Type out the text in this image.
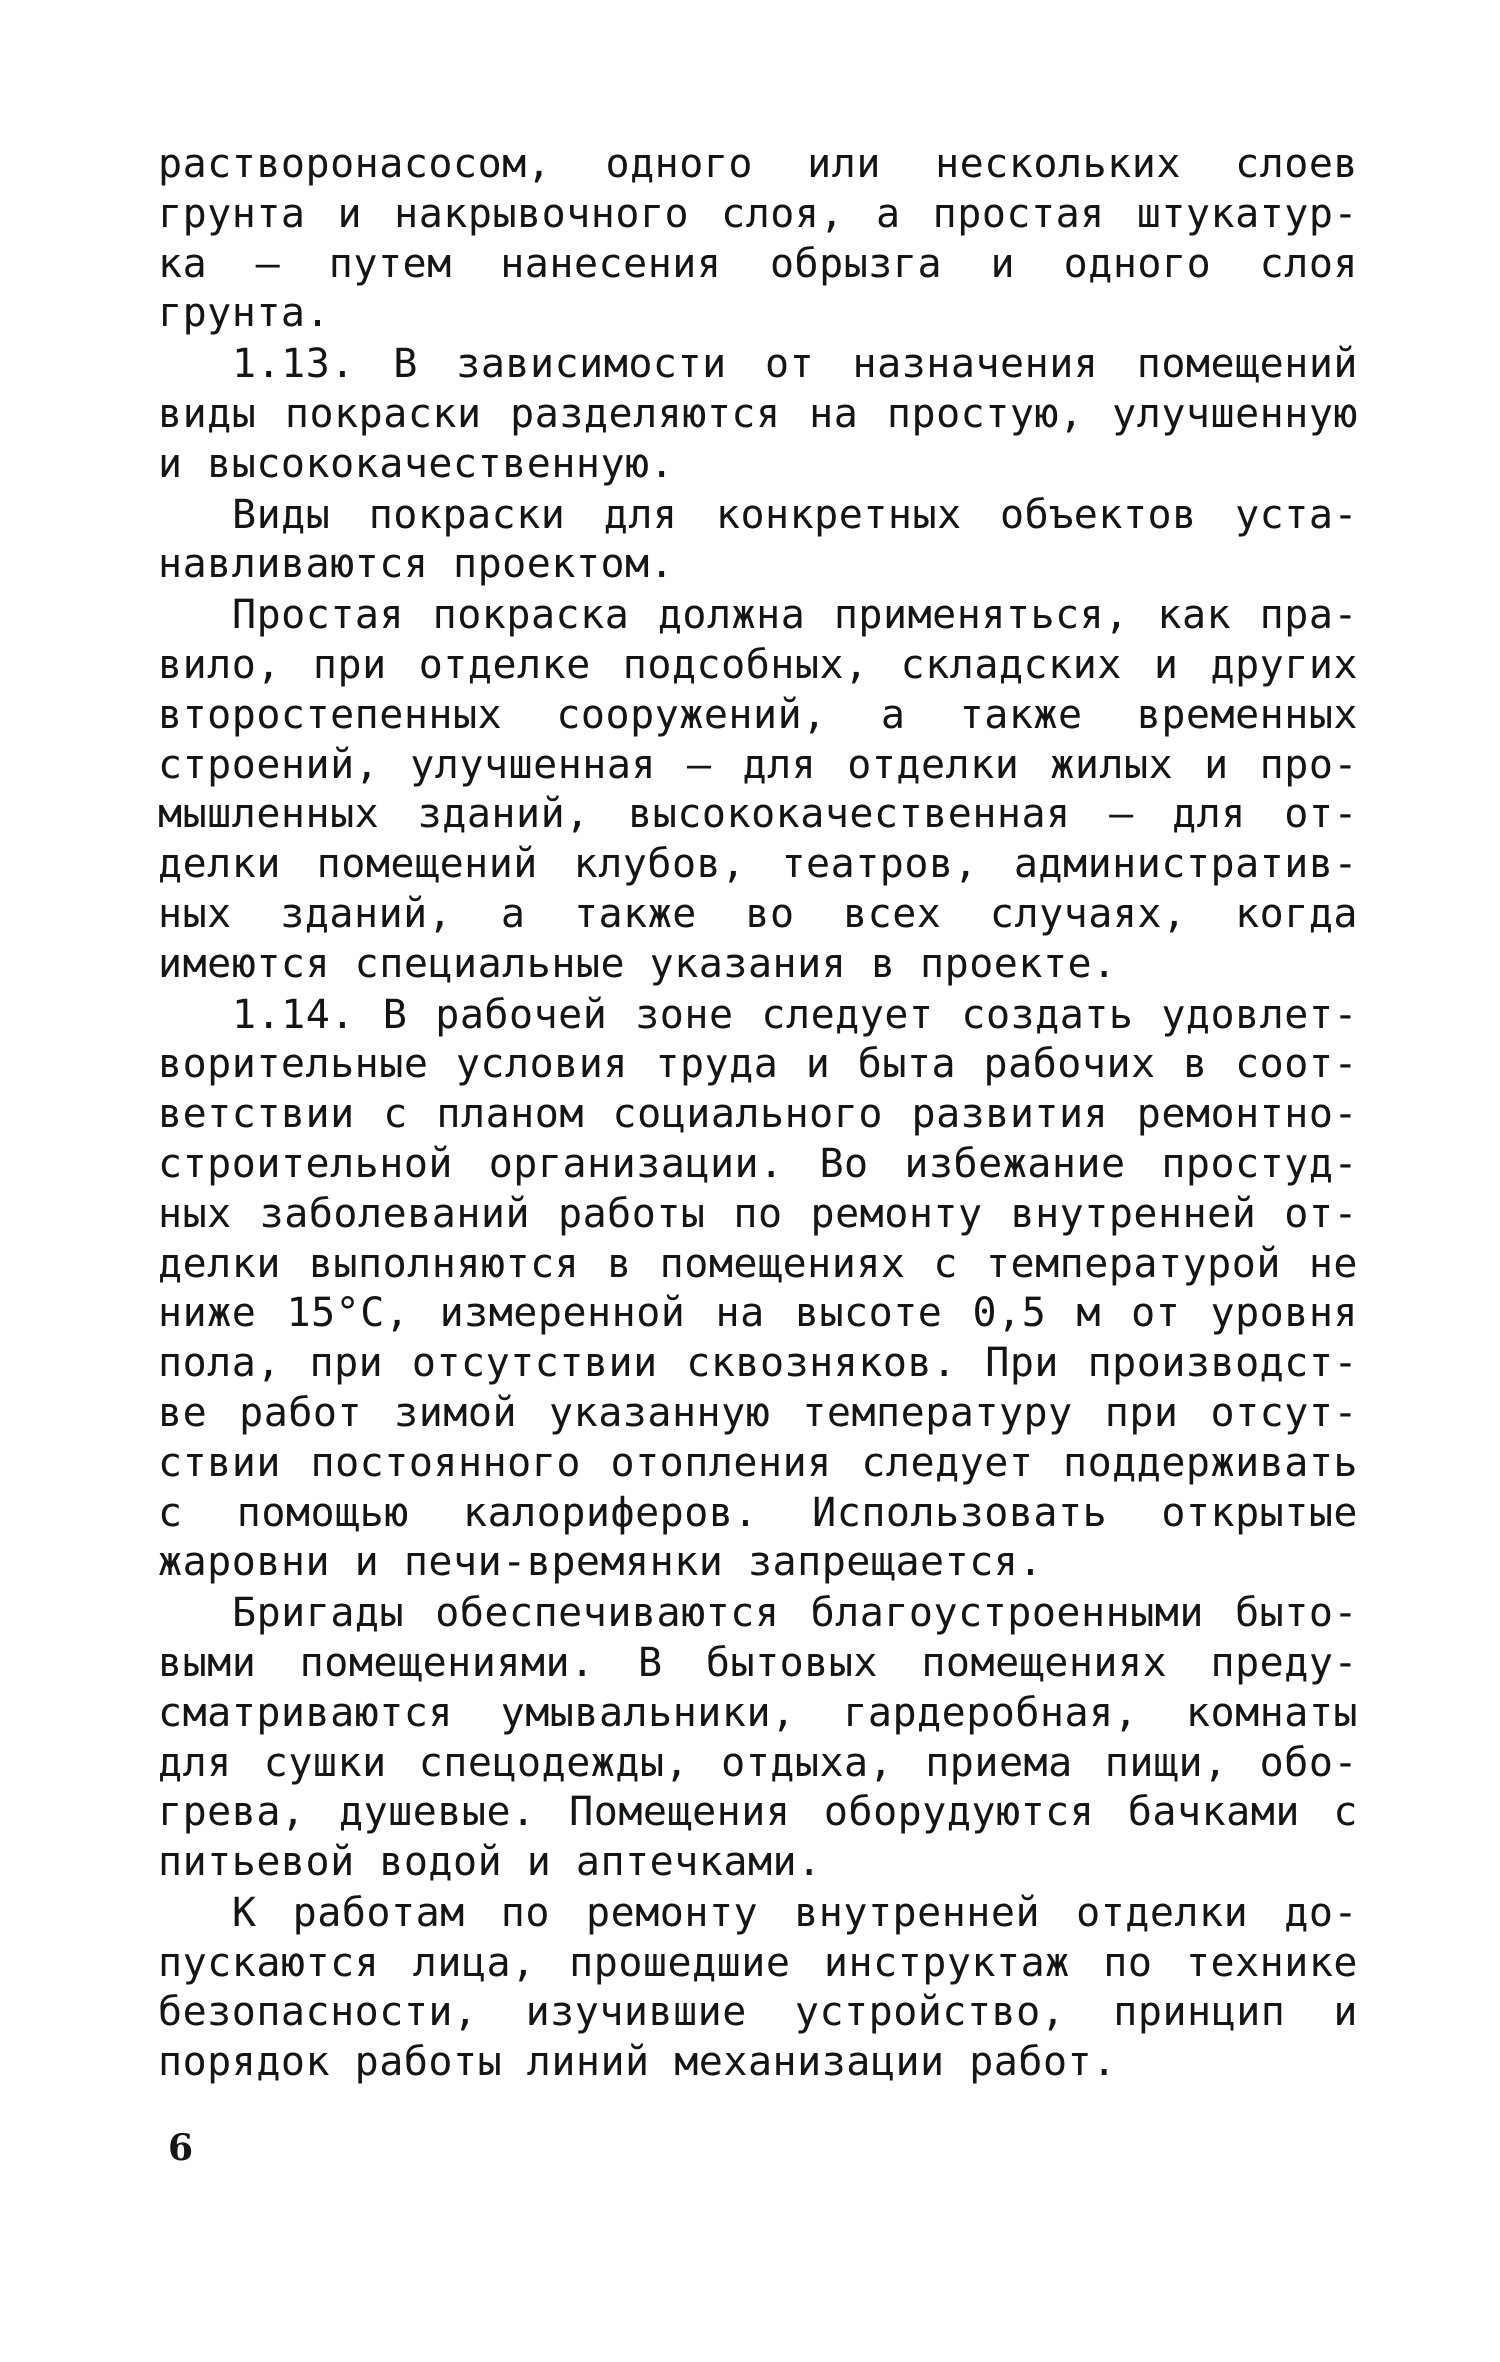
растворонасосом, одного или нескольких слоев
грунта и накрывочного слоя, а простая штукатур-
ка — путем нанесения обрызга и одного слоя
грунта.
1.13. В зависимости от назначения помещений
виды покраски разделяются на простую, улучшенную
и высококачественную.
Виды покраски для конкретных объектов уста-
навливаются проектом.
Простая покраска должна применяться, как пра-
вило, при отделке подсобных, складских и других
второстепенных сооружений, а также временных
строений, улучшенная — для отделки жилых и про-
мышленных зданий, высококачественная — для от-
делки помещений клубов, театров, административ-
ных зданий, а также во всех случаях, когда
имеются специальные указания в проекте.
1.14. В рабочей зоне следует создать удовлет-
ворительные условия труда и быта рабочих в соот-
ветствии с планом социального развития ремонтно-
строительной организации. Во избежание простуд-
ных заболеваний работы по ремонту внутренней от-
делки выполняются в помещениях с температурой не
ниже 15°С, измеренной на высоте 0,5 м от уровня
пола, при отсутствии сквозняков. При производст-
ве работ зимой указанную температуру при отсут-
ствии постоянного отопления следует поддерживать
с помощью калориферов. Использовать открытые
жаровни и печи-времянки запрещается.
Бригады обеспечиваются благоустроенными быто-
выми помещениями. В бытовых помещениях преду-
сматриваются умывальники, гардеробная, комнаты
для сушки спецодежды, отдыха, приема пищи, обо-
грева, душевые. Помещения оборудуются бачками с
питьевой водой и аптечками.
К работам по ремонту внутренней отделки до-
пускаются лица, прошедшие инструктаж по технике
безопасности, изучившие устройство, принцип и
порядок работы линий механизации работ.
6
